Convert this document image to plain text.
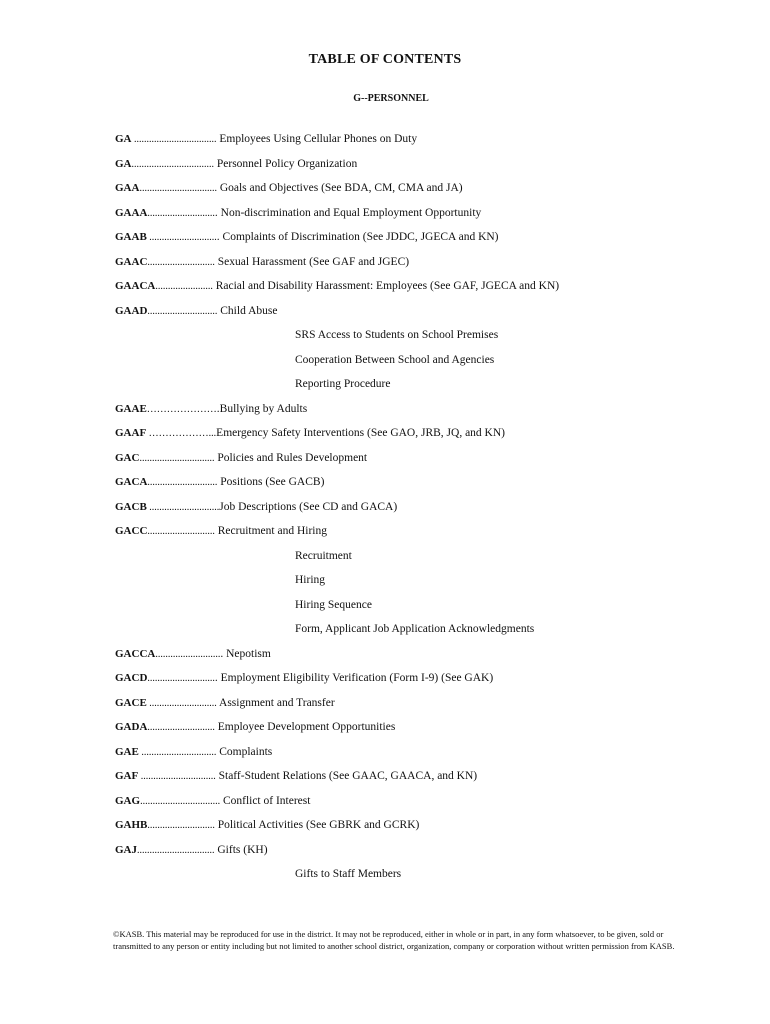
TABLE OF CONTENTS
G--PERSONNEL
GA ................................. Employees Using Cellular Phones on Duty
GA................................. Personnel Policy Organization
GAA............................... Goals and Objectives (See BDA, CM, CMA and JA)
GAAA............................ Non-discrimination and Equal Employment Opportunity
GAAB ............................ Complaints of Discrimination (See JDDC, JGECA and KN)
GAAC........................... Sexual Harassment (See GAF and JGEC)
GAACA....................... Racial and Disability Harassment: Employees (See GAF, JGECA and KN)
GAAD............................ Child Abuse
SRS Access to Students on School Premises
Cooperation Between School and Agencies
Reporting Procedure
GAAE………………….Bullying by Adults
GAAF ………………...Emergency Safety Interventions (See GAO, JRB, JQ, and KN)
GAC.............................. Policies and Rules Development
GACA............................ Positions (See GACB)
GACB ............................Job Descriptions (See CD and GACA)
GACC........................... Recruitment and Hiring
Recruitment
Hiring
Hiring Sequence
Form, Applicant Job Application Acknowledgments
GACCA........................... Nepotism
GACD............................ Employment Eligibility Verification (Form I-9) (See GAK)
GACE ........................... Assignment and Transfer
GADA........................... Employee Development Opportunities
GAE .............................. Complaints
GAF .............................. Staff-Student Relations (See GAAC, GAACA, and KN)
GAG................................ Conflict of Interest
GAHB........................... Political Activities (See GBRK and GCRK)
GAJ............................... Gifts (KH)
Gifts to Staff Members
©KASB. This material may be reproduced for use in the district. It may not be reproduced, either in whole or in part, in any form whatsoever, to be given, sold or transmitted to any person or entity including but not limited to another school district, organization, company or corporation without written permission from KASB.
